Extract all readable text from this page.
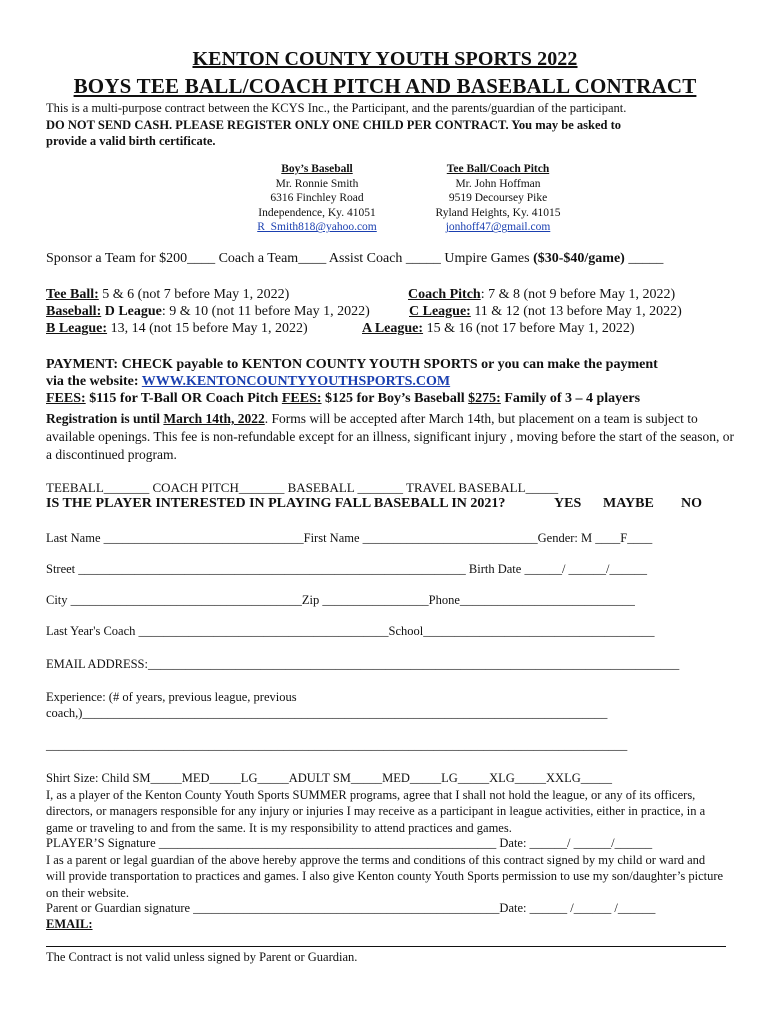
KENTON COUNTY YOUTH SPORTS 2022
BOYS TEE BALL/COACH PITCH AND BASEBALL CONTRACT
This is a multi-purpose contract between the KCYS Inc., the Participant, and the parents/guardian of the participant.
DO NOT SEND CASH. PLEASE REGISTER ONLY ONE CHILD PER CONTRACT. You may be asked to
provide a valid birth certificate.
Boy’s Baseball
Mr. Ronnie Smith
6316 Finchley Road
Independence, Ky. 41051
R_Smith818@yahoo.com
Tee Ball/Coach Pitch
Mr. John Hoffman
9519 Decoursey Pike
Ryland Heights, Ky. 41015
jonhoff47@gmail.com
Sponsor a Team for $200____ Coach a Team____ Assist Coach _____ Umpire Games ($30-$40/game) _____
Tee Ball: 5 & 6 (not 7 before May 1, 2022)	Coach Pitch: 7 & 8 (not 9 before May 1, 2022)
Baseball: D League: 9 & 10 (not 11 before May 1, 2022)	C League: 11 & 12 (not 13 before May 1, 2022)
B League: 13, 14 (not 15 before May 1, 2022)	A League: 15 & 16 (not 17 before May 1, 2022)
PAYMENT: CHECK payable to KENTON COUNTY YOUTH SPORTS or you can make the payment
via the website: WWW.KENTONCOUNTYYOUTHSPORTS.COM
FEES: $115 for T-Ball OR Coach Pitch FEES: $125 for Boy’s Baseball $275: Family of 3 – 4 players
Registration is until March 14th, 2022. Forms will be accepted after March 14th, but placement on a team is subject to available openings. This fee is non-refundable except for an illness, significant injury , moving before the start of the season, or a discontinued program.
TEEBALL_______ COACH PITCH_______ BASEBALL _______ TRAVEL BASEBALL_____
IS THE PLAYER INTERESTED IN PLAYING FALL BASEBALL IN 2021?	YES MAYBE NO
Last Name ________________________________First Name ____________________________Gender: M ____F____
Street ______________________________________________________________ Birth Date ______/ ______/______
City _____________________________________Zip _________________Phone____________________________
Last Year's Coach ________________________________________School_____________________________________
EMAIL ADDRESS:_____________________________________________________________________________________
Experience: (# of years, previous league, previous
coach,)____________________________________________________________________________________
_____________________________________________________________________________________________
Shirt Size: Child SM_____MED_____LG_____ADULT SM_____MED_____LG_____XLG_____XXLG_____
I, as a player of the Kenton County Youth Sports SUMMER programs, agree that I shall not hold the league, or any of its officers, directors, or managers responsible for any injury or injuries I may receive as a participant in league activities, either in practice, in a game or traveling to and from the same. It is my responsibility to attend practices and games.
PLAYER’S Signature ______________________________________________________ Date: ______/ ______/______
I as a parent or legal guardian of the above hereby approve the terms and conditions of this contract signed by my child or ward and will provide transportation to practices and games. I also give Kenton county Youth Sports permission to use my son/daughter’s picture on their website.
Parent or Guardian signature _________________________________________________Date: ______ /______ /______
EMAIL:
The Contract is not valid unless signed by Parent or Guardian.
